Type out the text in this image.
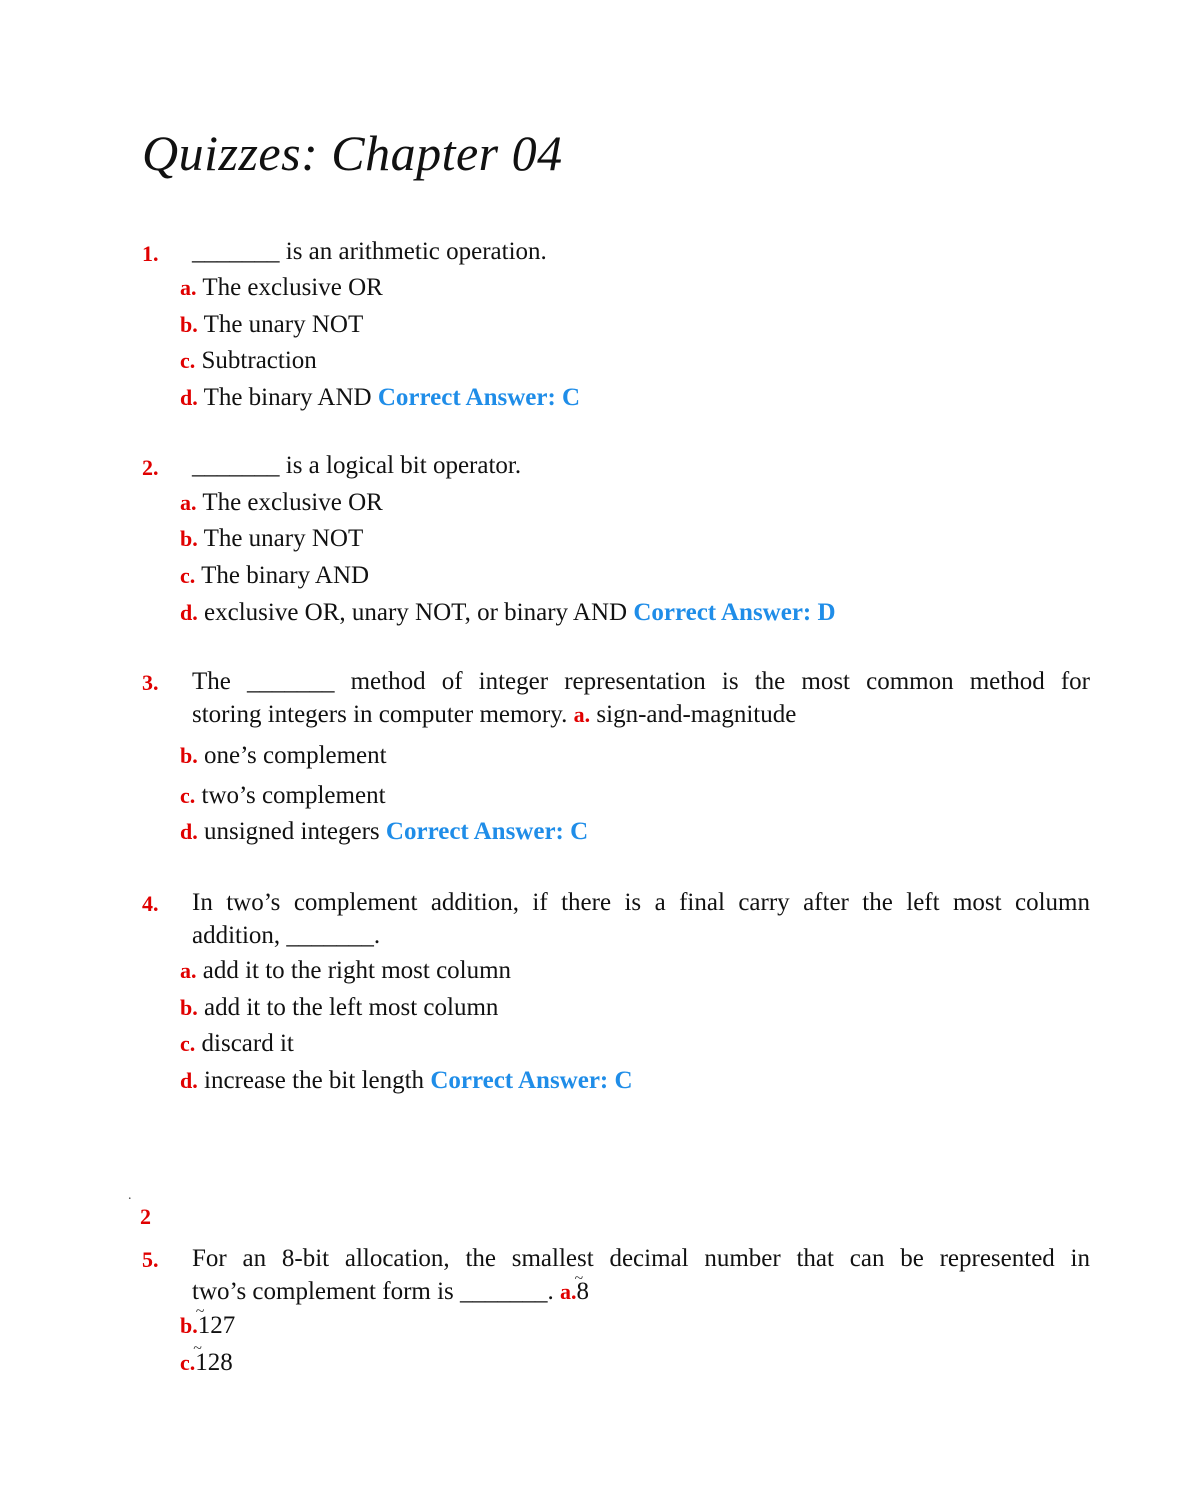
Quizzes: Chapter 04
1. _______ is an arithmetic operation.
a. The exclusive OR
b. The unary NOT
c. Subtraction
d. The binary AND Correct Answer: C
2. _______ is a logical bit operator.
a. The exclusive OR
b. The unary NOT
c. The binary AND
d. exclusive OR, unary NOT, or binary AND Correct Answer: D
3. The _______ method of integer representation is the most common method for
storing integers in computer memory. a. sign-and-magnitude
b. one’s complement
c. two’s complement
d. unsigned integers Correct Answer: C
4. In two’s complement addition, if there is a final carry after the left most column
addition, _______.
a. add it to the right most column
b. add it to the left most column
c. discard it
d. increase the bit length Correct Answer: C
.
2
5. For an 8-bit allocation, the smallest decimal number that can be represented in
two’s complement form is _______. a.~ 8
b.~ 127
c.~ 128
